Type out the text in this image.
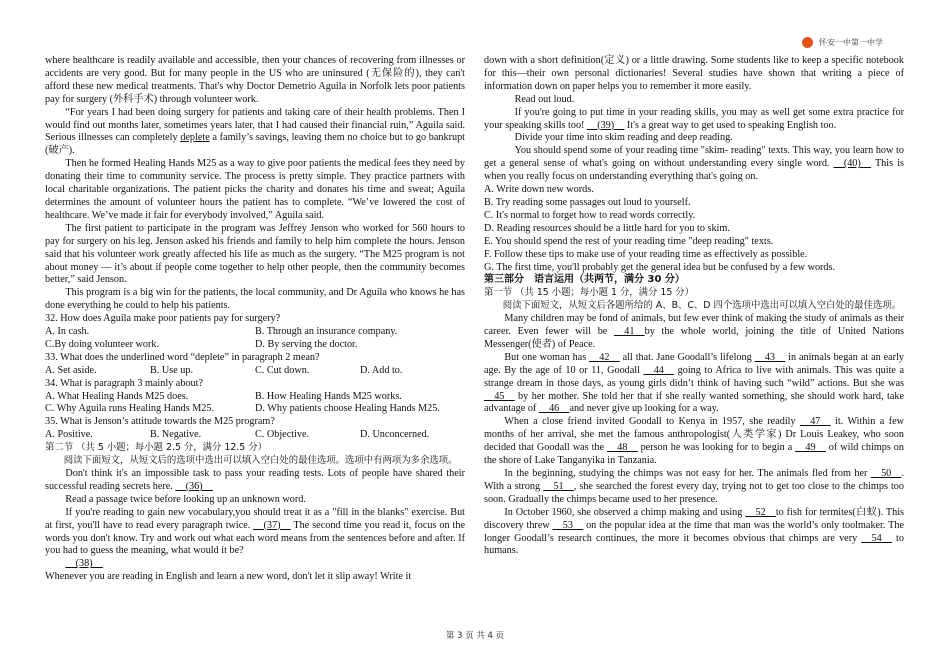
怀安一中第一中学

where healthcare is readily available and accessible, then your chances of recovering from illnesses or accidents are very good. But for many people in the US who are uninsured (无保险的), they can't afford these new medical treatments. That's why Doctor Demetrio Aguila in Norfolk lets poor patients pay for surgery (外科手术) through volunteer work.

“For years I had been doing surgery for patients and taking care of their health problems. Then I would find out months later, sometimes years later, that I had caused their financial ruin,” Aguila said. Serious illnesses can completely deplete a family’s savings, leaving them no choice but to go bankrupt (破产).

Then he formed Healing Hands M25 as a way to give poor patients the medical fees they need by donating their time to community service. The process is pretty simple. They practice partners with local charitable organizations. The patient picks the charity and donates his time and sweat; Aguila determines the amount of volunteer hours the patient has to complete. “We’ve lowered the cost of healthcare. We’ve made it fair for everybody involved,” Aguila said.

The first patient to participate in the program was Jeffrey Jenson who worked for 560 hours to pay for surgery on his leg. Jenson asked his friends and family to help him complete the hours. Jenson said that his volunteer work greatly affected his life as much as the surgery. “The M25 program is not about money — it’s about if people come together to help other people, then the community becomes better,” said Jenson.

This program is a big win for the patients, the local community, and Dr Aguila who knows he has done everything he could to help his patients.

32. How does Aguila make poor patients pay for surgery?

A. In cash.	B. Through an insurance company.
C.By doing volunteer work.	D. By serving the doctor.

33. What does the underlined word “deplete” in paragraph 2 mean?

A. Set aside.	B. Use up.	C. Cut down.	D. Add to.

34. What is paragraph 3 mainly about?

A. What Healing Hands M25 does.	B. How Healing Hands M25 works.
C. Why Aguila runs Healing Hands M25.	D. Why patients choose Healing Hands M25.

35. What is Jenson’s attitude towards the M25 program?

A. Positive.	B. Negative.	C. Objective.	D. Unconcerned.

第二节 （共 5 小题；每小题 2.5 分，满分 12.5 分）

阅读下面短文，从短文后的选项中选出可以填入空白处的最佳选项。选项中有两项为多余选项。

Don't think it's an impossible task to pass your reading tests. Lots of people have shared their successful reading secrets here. __(36)__

Read a passage twice before looking up an unknown word.

If you're reading to gain new vocabulary,you should treat it as a "fill in the blanks" exercise. But at first, you'll have to read every paragraph twice. __(37)__ The second time you read it, focus on the words you don't know. Try and work out what each word means from the sentences before and after. If you had to guess the meaning, what would it be?

__(38)__

Whenever you are reading in English and learn a new word, don't let it slip away! Write it

down with a short definition(定义) or a little drawing. Some students like to keep a specific notebook for this—their own personal dictionaries! Several studies have shown that writing a piece of information down on paper helps you to remember it more easily.

Read out loud.

If you're going to put time in your reading skills, you may as well get some extra practice for your speaking skills too! __(39)__ It's a great way to get used to speaking English too.

Divide your time into skim reading and deep reading.

You should spend some of your reading time "skim- reading" texts. This way, you learn how to get a general sense of what's going on without understanding every single word. __(40)__ This is when you really focus on understanding everything that's going on.

A. Write down new words.

B. Try reading some passages out loud to yourself.

C. It's normal to forget how to read words correctly.

D. Reading resources should be a little hard for you to skim.

E. You should spend the rest of your reading time "deep reading" texts.

F. Follow these tips to make use of your reading time as effectively as possible.

G. The first time, you'll probably get the general idea but be confused by a few words.

第三部分　语言运用（共两节，满分 30 分）

第一节 （共 15 小题；每小题 1 分，满分 15 分）

阅读下面短文，从短文后各题所给的 A、B、C、D 四个选项中选出可以填入空白处的最佳选项。

Many children may be fond of animals, but few ever think of making the study of animals as their career. Even fewer will be __41__by the whole world, joining the title of United Nations Messenger(使者) of Peace.

But one woman has __42__ all that. Jane Goodall’s lifelong __43__ in animals began at an early age. By the age of 10 or 11, Goodall __44__ going to Africa to live with animals. This was quite a strange dream in those days, as young girls didn’t think of having such “wild” actions. But she was __45__ by her mother. She told her that if she really wanted something, she should work hard, take advantage of __46__and never give up looking for a way.

When a close friend invited Goodall to Kenya in 1957, she readily __47__ it. Within a few months of her arrival, she met the famous anthropologist(人类学家) Dr Louis Leakey, who soon decided that Goodall was the __48__ person he was looking for to begin a __49__ of wild chimps on the shore of Lake Tanganyika in Tanzania.

In the beginning, studying the chimps was not easy for her. The animals fled from her __50__. With a strong __51__, she searched the forest every day, trying not to get too close to the chimps too soon. Gradually the chimps became used to her presence.

In October 1960, she observed a chimp making and using __52__to fish for termites(白蚁). This discovery threw __53__ on the popular idea at the time that man was the world’s only toolmaker. The longer Goodall’s research continues, the more it becomes obvious that chimps are very __54__ to humans.

第 3 页 共 4 页
